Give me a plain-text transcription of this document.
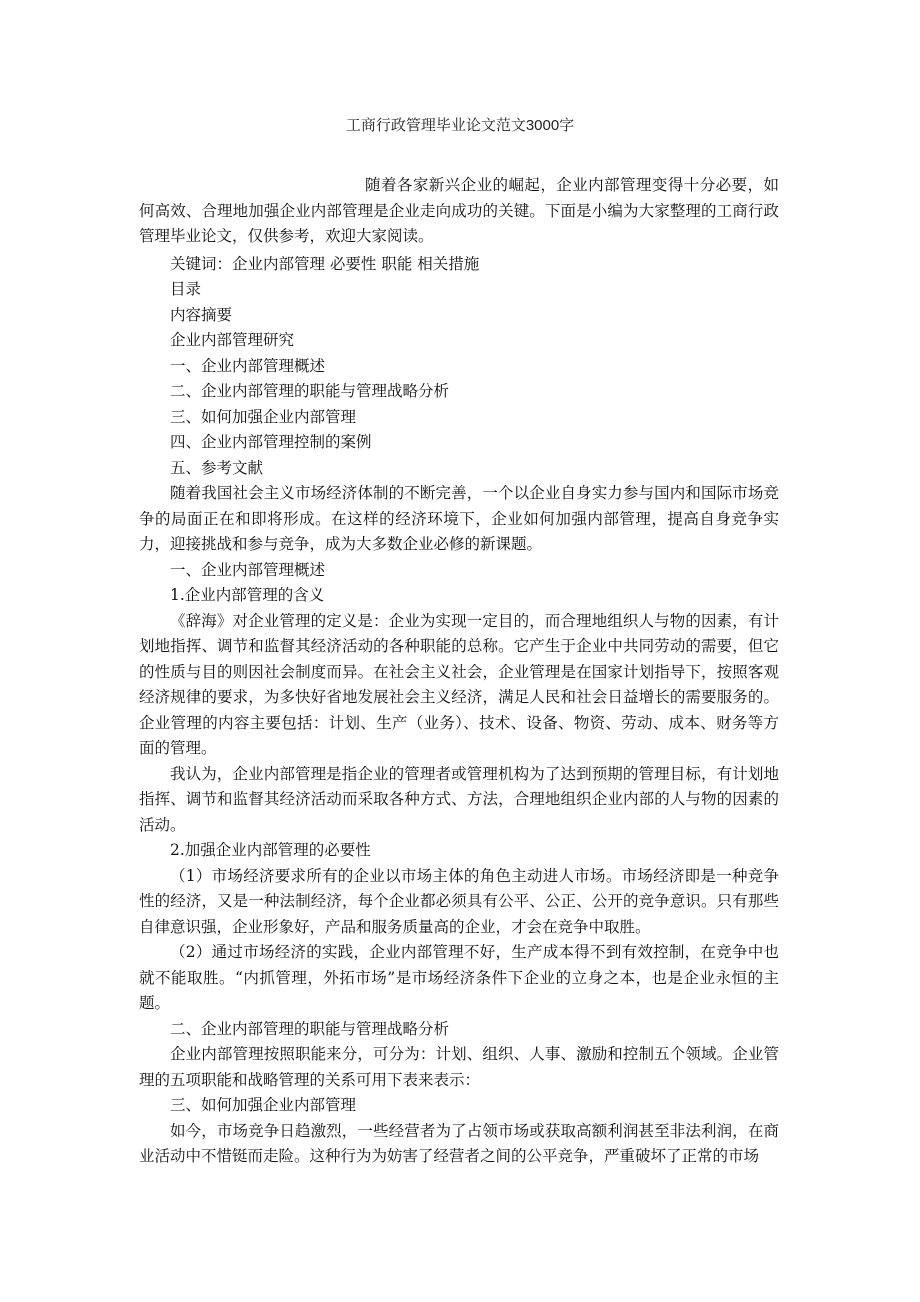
工商行政管理毕业论文范文3000字

随着各家新兴企业的崛起，企业内部管理变得十分必要，如何高效、合理地加强企业内部管理是企业走向成功的关键。下面是小编为大家整理的工商行政管理毕业论文，仅供参考，欢迎大家阅读。

关键词：企业内部管理 必要性 职能 相关措施

目录

内容摘要

企业内部管理研究

一、企业内部管理概述

二、企业内部管理的职能与管理战略分析

三、如何加强企业内部管理

四、企业内部管理控制的案例

五、参考文献

随着我国社会主义市场经济体制的不断完善，一个以企业自身实力参与国内和国际市场竞争的局面正在和即将形成。在这样的经济环境下，企业如何加强内部管理，提高自身竞争实力，迎接挑战和参与竞争，成为大多数企业必修的新课题。

一、企业内部管理概述

1.企业内部管理的含义

《辞海》对企业管理的定义是：企业为实现一定目的，而合理地组织人与物的因素，有计划地指挥、调节和监督其经济活动的各种职能的总称。它产生于企业中共同劳动的需要，但它的性质与目的则因社会制度而异。在社会主义社会，企业管理是在国家计划指导下，按照客观经济规律的要求，为多快好省地发展社会主义经济，满足人民和社会日益增长的需要服务的。企业管理的内容主要包括：计划、生产（业务）、技术、设备、物资、劳动、成本、财务等方面的管理。

我认为，企业内部管理是指企业的管理者或管理机构为了达到预期的管理目标，有计划地指挥、调节和监督其经济活动而采取各种方式、方法，合理地组织企业内部的人与物的因素的活动。

2.加强企业内部管理的必要性

（1）市场经济要求所有的企业以市场主体的角色主动进人市场。市场经济即是一种竞争性的经济，又是一种法制经济，每个企业都必须具有公平、公正、公开的竞争意识。只有那些自律意识强，企业形象好，产品和服务质量高的企业，才会在竞争中取胜。

（2）通过市场经济的实践，企业内部管理不好，生产成本得不到有效控制，在竞争中也就不能取胜。“内抓管理，外拓市场”是市场经济条件下企业的立身之本，也是企业永恒的主题。

二、企业内部管理的职能与管理战略分析

企业内部管理按照职能来分，可分为：计划、组织、人事、激励和控制五个领域。企业管理的五项职能和战略管理的关系可用下表来表示：

三、如何加强企业内部管理

如今，市场竞争日趋激烈，一些经营者为了占领市场或获取高额利润甚至非法利润，在商业活动中不惜铤而走险。这种行为为妨害了经营者之间的公平竞争，严重破坏了正常的市场
